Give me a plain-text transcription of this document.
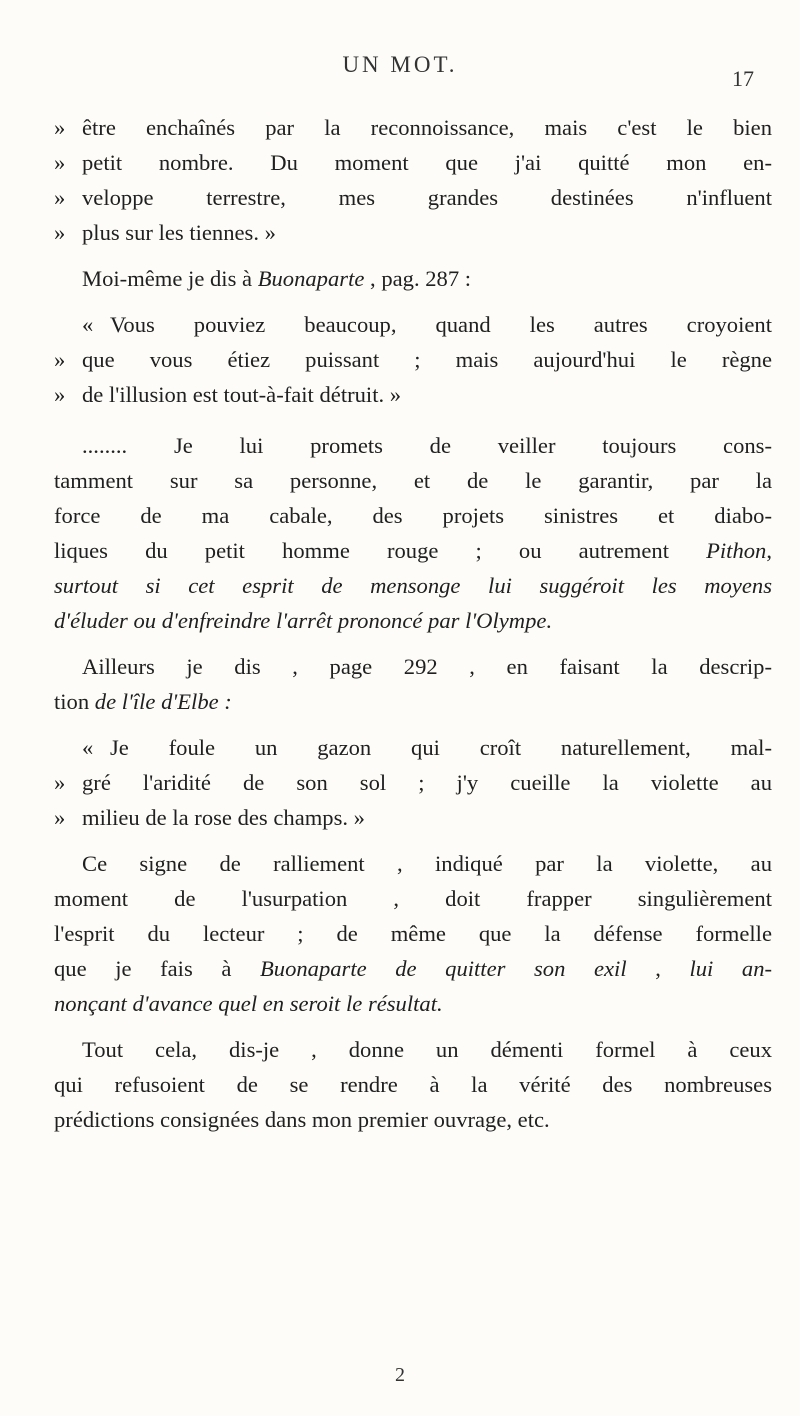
UN MOT.
17
» être enchaînés par la reconnoissance, mais c'est le bien
» petit nombre. Du moment que j'ai quitté mon en-
» veloppe terrestre, mes grandes destinées n'influent
» plus sur les tiennes. »
Moi-même je dis à Buonaparte , pag. 287 :
« Vous pouviez beaucoup, quand les autres croyoient
» que vous étiez puissant ; mais aujourd'hui le règne
» de l'illusion est tout-à-fait détruit. »
........ Je lui promets de veiller toujours cons-
tamment sur sa personne, et de le garantir, par la
force de ma cabale, des projets sinistres et diabo-
liques du petit homme rouge ; ou autrement Pithon,
surtout si cet esprit de mensonge lui suggéroit les moyens
d'éluder ou d'enfreindre l'arrêt prononcé par l'Olympe.
Ailleurs je dis , page 292 , en faisant la descrip-
tion de l'île d'Elbe :
« Je foule un gazon qui croît naturellement, mal-
» gré l'aridité de son sol ; j'y cueille la violette au
» milieu de la rose des champs. »
Ce signe de ralliement , indiqué par la violette, au
moment de l'usurpation , doit frapper singulièrement
l'esprit du lecteur ; de même que la défense formelle
que je fais à Buonaparte de quitter son exil , lui an-
nonçant d'avance quel en seroit le résultat.
Tout cela, dis-je , donne un démenti formel à ceux
qui refusoient de se rendre à la vérité des nombreuses
prédictions consignées dans mon premier ouvrage, etc.
2
